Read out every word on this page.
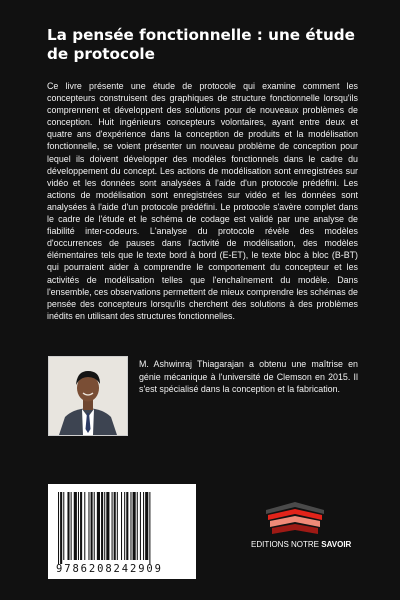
La pensée fonctionnelle : une étude de protocole

Ce livre présente une étude de protocole qui examine comment les concepteurs construisent des graphiques de structure fonctionnelle lorsqu'ils comprennent et développent des solutions pour de nouveaux problèmes de conception. Huit ingénieurs concepteurs volontaires, ayant entre deux et quatre ans d'expérience dans la conception de produits et la modélisation fonctionnelle, se voient présenter un nouveau problème de conception pour lequel ils doivent développer des modèles fonctionnels dans le cadre du développement du concept. Les actions de modélisation sont enregistrées sur vidéo et les données sont analysées à l'aide d'un protocole prédéfini. Les actions de modélisation sont enregistrées sur vidéo et les données sont analysées à l'aide d'un protocole prédéfini. Le protocole s'avère complet dans le cadre de l'étude et le schéma de codage est validé par une analyse de fiabilité inter-codeurs. L'analyse du protocole révèle des modèles d'occurrences de pauses dans l'activité de modélisation, des modèles élémentaires tels que le texte bord à bord (E-ET), le texte bloc à bloc (B-BT) qui pourraient aider à comprendre le comportement du concepteur et les activités de modélisation telles que l'enchaînement du modèle. Dans l'ensemble, ces observations permettent de mieux comprendre les schémas de pensée des concepteurs lorsqu'ils cherchent des solutions à des problèmes inédits en utilisant des structures fonctionnelles.

M. Ashwinraj Thiagarajan a obtenu une maîtrise en génie mécanique à l'université de Clemson en 2015. Il s'est spécialisé dans la conception et la fabrication.

9786208242909
EDITIONS NOTRE SAVOIR
